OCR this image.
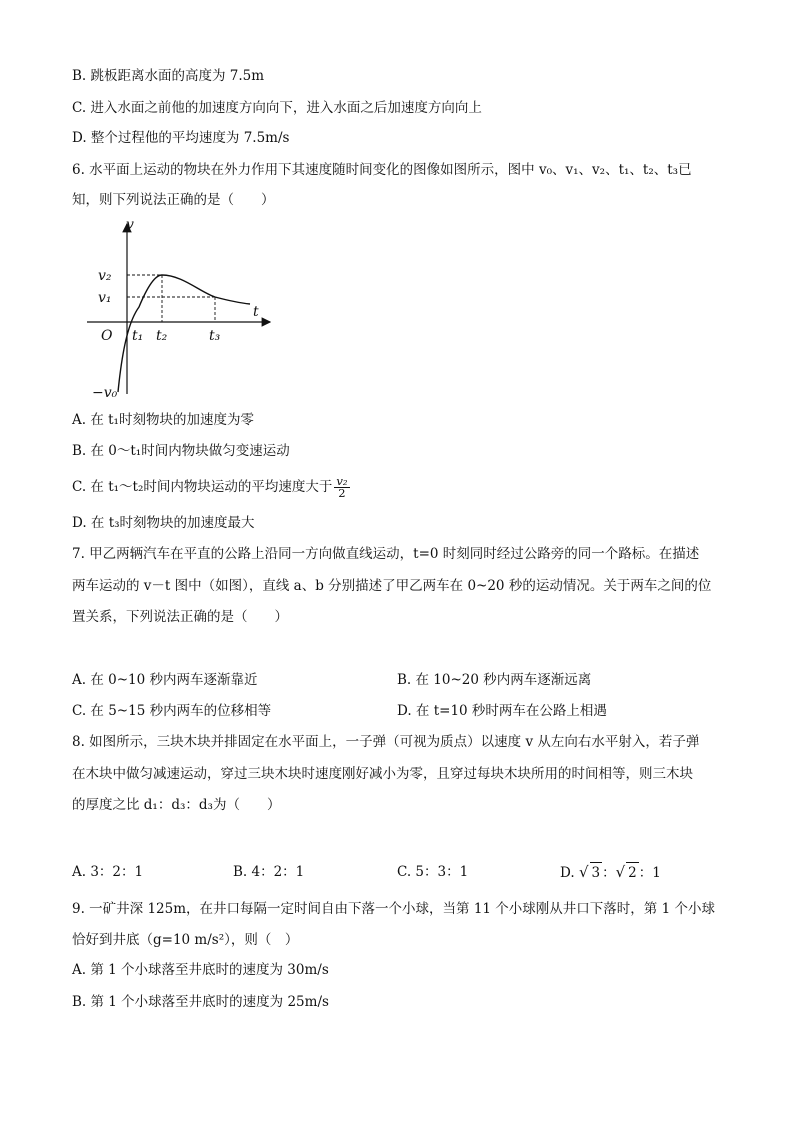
B. 跳板距离水面的高度为 7.5m
C. 进入水面之前他的加速度方向向下，进入水面之后加速度方向向上
D. 整个过程他的平均速度为 7.5m/s
6. 水平面上运动的物块在外力作用下其速度随时间变化的图像如图所示，图中 v₀、v₁、v₂、t₁、t₂、t₃已
知，则下列说法正确的是（　　）
v
t
O
v₂
v₁
−v₀
t₁ t₂	t₃
A. 在 t₁时刻物块的加速度为零
B. 在 0～t₁时间内物块做匀变速运动
C. 在 t₁～t₂时间内物块运动的平均速度大于 $\frac{\text{v₂}}{2}$
D. 在 t₃时刻物块的加速度最大
7. 甲乙两辆汽车在平直的公路上沿同一方向做直线运动，t=0 时刻同时经过公路旁的同一个路标。在描述
两车运动的 v－t 图中（如图），直线 a、b 分别描述了甲乙两车在 0~20 秒的运动情况。关于两车之间的位
置关系，下列说法正确的是（　　）
A. 在 0~10 秒内两车逐渐靠近	B. 在 10~20 秒内两车逐渐远离
C. 在 5~15 秒内两车的位移相等	D. 在 t=10 秒时两车在公路上相遇
8. 如图所示，三块木块并排固定在水平面上，一子弹（可视为质点）以速度 v 从左向右水平射入，若子弹
在木块中做匀减速运动，穿过三块木块时速度刚好减小为零，且穿过每块木块所用的时间相等，则三木块
的厚度之比 d₁：d₃：d₃为（　　）
A. 3：2：1	B. 4：2：1	C. 5：3：1	D. √ 3 ：√ 2 ：1
9. 一矿井深 125m，在井口每隔一定时间自由下落一个小球，当第 11 个小球刚从井口下落时，第 1 个小球
恰好到井底（g=10 m/s²），则（　）
A. 第 1 个小球落至井底时的速度为 30m/s
B. 第 1 个小球落至井底时的速度为 25m/s
